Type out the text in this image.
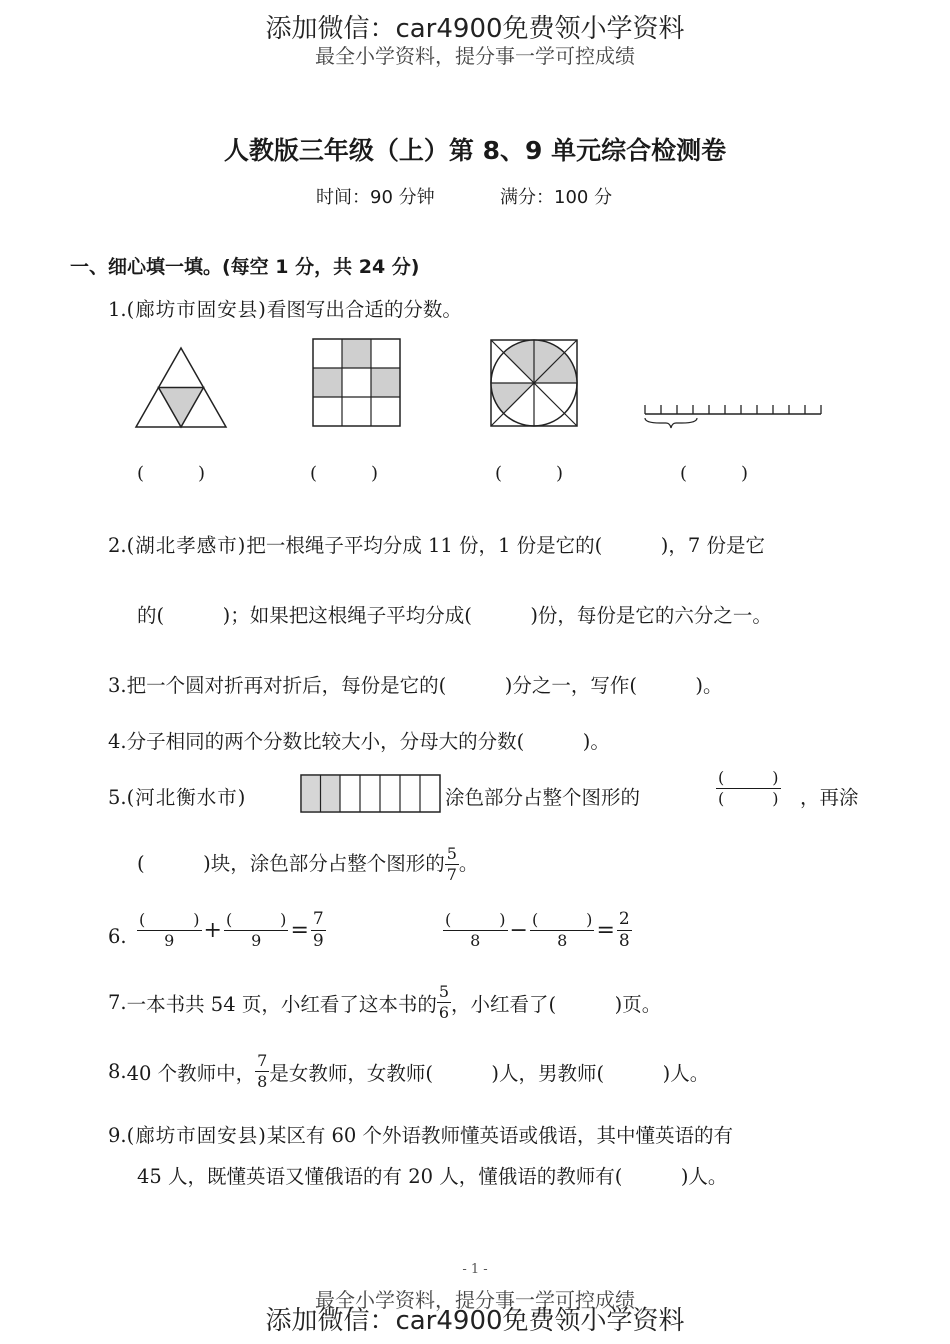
添加微信：car4900免费领小学资料
最全小学资料，提分事一学可控成绩
人教版三年级（上）第 8、9 单元综合检测卷
时间：90 分钟	满分：100 分
一、细心填一填。(每空 1 分，共 24 分)
1.(廊坊市固安县)看图写出合适的分数。
(　　　)	(　　　)	(　　　)	(　　　)
2.(湖北孝感市)把一根绳子平均分成 11 份，1 份是它的(　　　)，7 份是它
的(　　　)；如果把这根绳子平均分成(　　　)份，每份是它的六分之一。
3.把一个圆对折再对折后，每份是它的(　　　)分之一，写作(　　　)。
4.分子相同的两个分数比较大小，分母大的分数(　　　)。
5.(河北衡水市)	涂色部分占整个图形的	$\frac{( )}{( )}$ ，再涂
(　　　)块，涂色部分占整个图形的 $\frac{5}{7}$ 。
6. $\frac{( )}{9} + \frac{( )}{9} = \frac{7}{9}$	$\frac{( )}{8} - \frac{( )}{8} = \frac{2}{8}$
7. 一本书共 54 页，小红看了这本书的 $\frac{5}{6}$ ，小红看了(　　　)页。
8. 40 个教师中， $\frac{7}{8}$ 是女教师，女教师(　　　)人，男教师(　　　)人。
9.(廊坊市固安县)某区有 60 个外语教师懂英语或俄语，其中懂英语的有
45 人，既懂英语又懂俄语的有 20 人，懂俄语的教师有(　　　)人。
- 1 -
最全小学资料，提分事一学可控成绩
添加微信：car4900免费领小学资料
